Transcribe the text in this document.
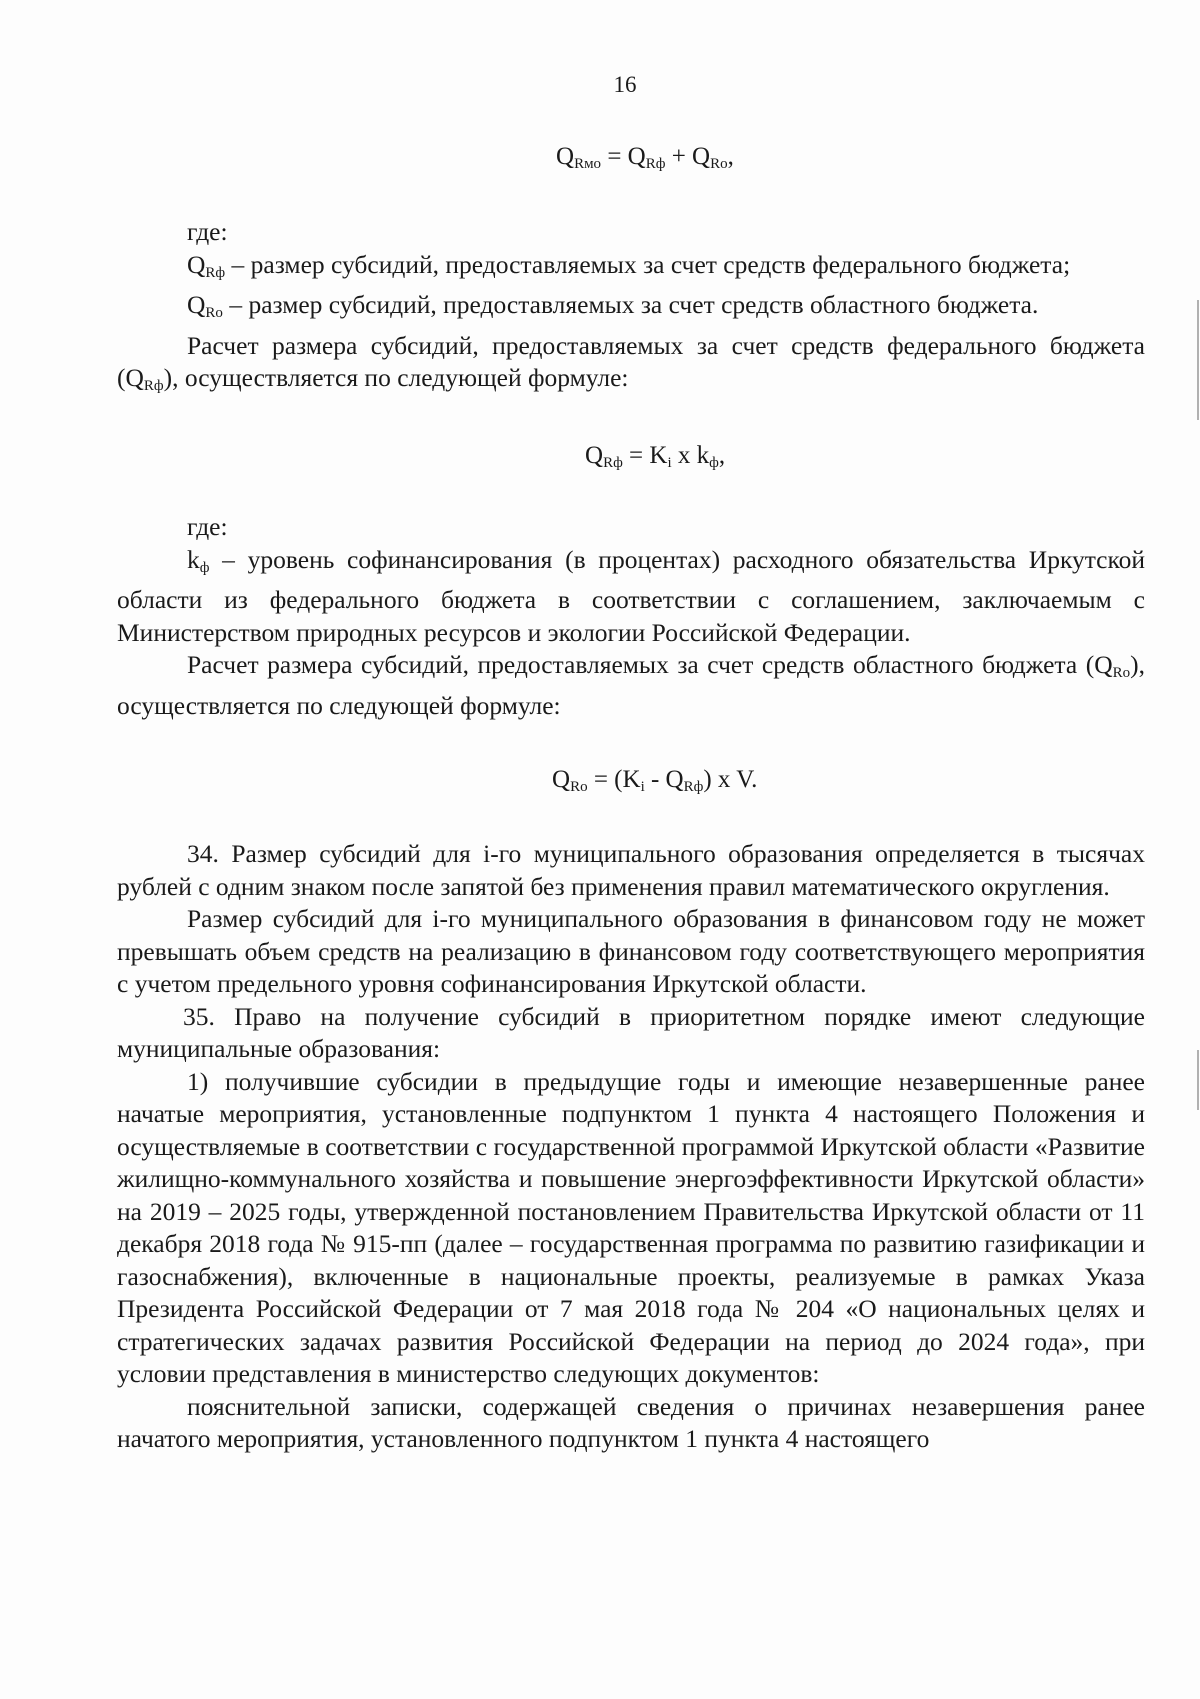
16
$Q_{Rмо} = Q_{Rф} + Q_{Ro}$,

где:

$Q_{Rф}$ – размер субсидий, предоставляемых за счет средств федерального бюджета;

$Q_{Ro}$ – размер субсидий, предоставляемых за счет средств областного бюджета.

Расчет размера субсидий, предоставляемых за счет средств федерального бюджета $(Q_{Rф})$, осуществляется по следующей формуле:

$Q_{Rф} = K_i$ x $k_ф$,

где:

$k_ф$ – уровень софинансирования (в процентах) расходного обязательства Иркутской области из федерального бюджета в соответствии с соглашением, заключаемым с Министерством природных ресурсов и экологии Российской Федерации.

Расчет размера субсидий, предоставляемых за счет средств областного бюджета $(Q_{Ro})$, осуществляется по следующей формуле:

$Q_{Ro} = (K_i - Q_{Rф})$ x V.

34. Размер субсидий для i-го муниципального образования определяется в тысячах рублей с одним знаком после запятой без применения правил математического округления.

Размер субсидий для i-го муниципального образования в финансовом году не может превышать объем средств на реализацию в финансовом году соответствующего мероприятия с учетом предельного уровня софинансирования Иркутской области.

35. Право на получение субсидий в приоритетном порядке имеют следующие муниципальные образования:

1) получившие субсидии в предыдущие годы и имеющие незавершенные ранее начатые мероприятия, установленные подпунктом 1 пункта 4 настоящего Положения и осуществляемые в соответствии с государственной программой Иркутской области «Развитие жилищно-коммунального хозяйства и повышение энергоэффективности Иркутской области» на 2019 – 2025 годы, утвержденной постановлением Правительства Иркутской области от 11 декабря 2018 года № 915-пп (далее – государственная программа по развитию газификации и газоснабжения), включенные в национальные проекты, реализуемые в рамках Указа Президента Российской Федерации от 7 мая 2018 года № 204 «О национальных целях и стратегических задачах развития Российской Федерации на период до 2024 года», при условии представления в министерство следующих документов:

пояснительной записки, содержащей сведения о причинах незавершения ранее начатого мероприятия, установленного подпунктом 1 пункта 4 настоящего
